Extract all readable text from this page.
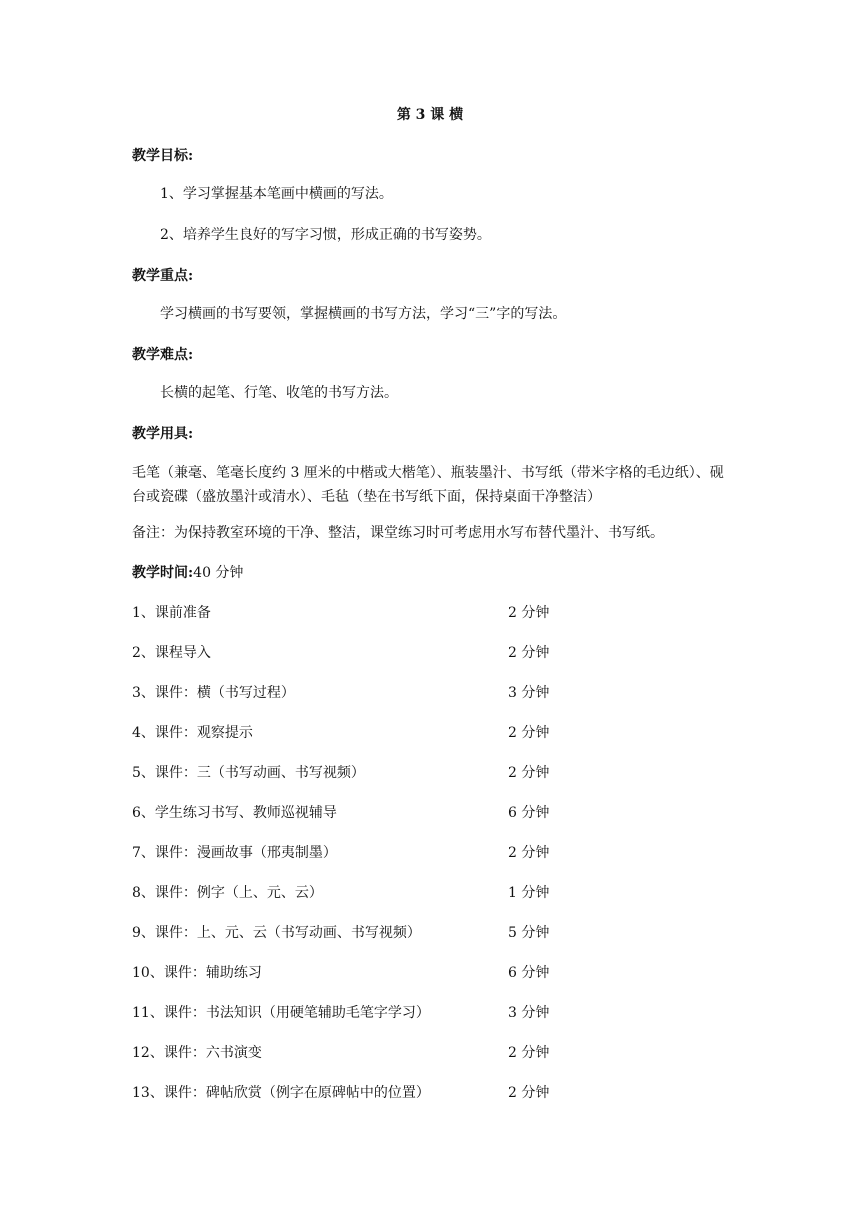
第 3 课 横
教学目标:
1、学习掌握基本笔画中横画的写法。
2、培养学生良好的写字习惯，形成正确的书写姿势。
教学重点:
学习横画的书写要领，掌握横画的书写方法，学习“三”字的写法。
教学难点:
长横的起笔、行笔、收笔的书写方法。
教学用具:
毛笔（兼毫、笔毫长度约 3 厘米的中楷或大楷笔）、瓶装墨汁、书写纸（带米字格的毛边纸）、砚台或瓷碟（盛放墨汁或清水）、毛毡（垫在书写纸下面，保持桌面干净整洁）
备注：为保持教室环境的干净、整洁，课堂练习时可考虑用水写布替代墨汁、书写纸。
教学时间:40 分钟
1、课前准备	2 分钟
2、课程导入	2 分钟
3、课件：横（书写过程）	3 分钟
4、课件：观察提示	2 分钟
5、课件：三（书写动画、书写视频）	2 分钟
6、学生练习书写、教师巡视辅导	6 分钟
7、课件：漫画故事（邢夷制墨）	2 分钟
8、课件：例字（上、元、云）	1 分钟
9、课件：上、元、云（书写动画、书写视频）	5 分钟
10、课件：辅助练习	6 分钟
11、课件：书法知识（用硬笔辅助毛笔字学习）	3 分钟
12、课件：六书演变	2 分钟
13、课件：碑帖欣赏（例字在原碑帖中的位置）	2 分钟
